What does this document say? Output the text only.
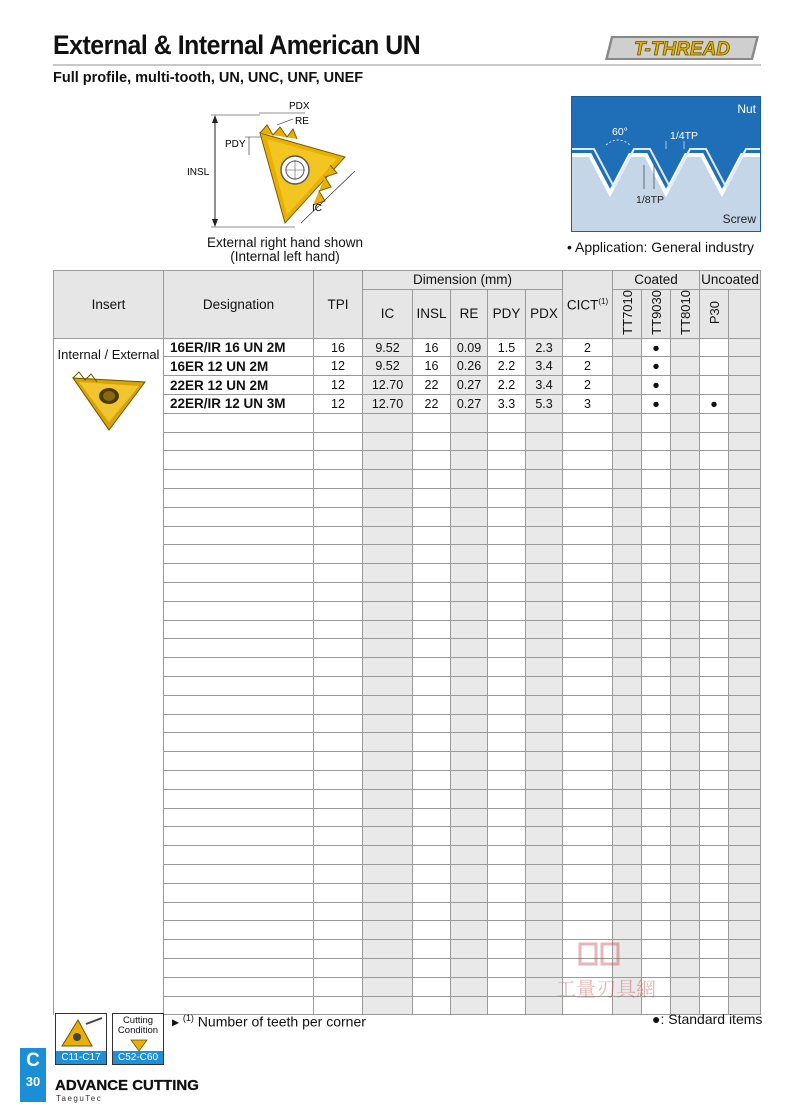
External & Internal American UN
Full profile, multi-tooth, UN, UNC, UNF, UNEF
T-THREAD
INSL
PDY
PDX
RE
IC
External right hand shown
(Internal left hand)
60°	1/4TP
1/8TP
Nut
Screw
• Application: General industry
Insert	Designation	TPI	Dimension (mm)					CICT$^{(1)}$	Coated			Uncoated	
			IC	INSL	RE	PDY	PDX		TT7010	TT9030	TT8010	P30	

Internal / External	16ER/IR 16 UN 2M	16	9.52	16	0.09	1.5	2.3	2		●			
	16ER 12 UN 2M	12	9.52	16	0.26	2.2	3.4	2		●			
	22ER 12 UN 2M	12	12.70	22	0.27	2.2	3.4	2		●			
	22ER/IR 12 UN 3M	12	12.70	22	0.27	3.3	5.3	3		●		●	

C11-C17
Cutting
Condition
C52-C60
▸ $^{(1)}$ Number of teeth per corner	●: Standard items
C
30 ADVANCE CUTTING
TaeguTec
工量刃具網
